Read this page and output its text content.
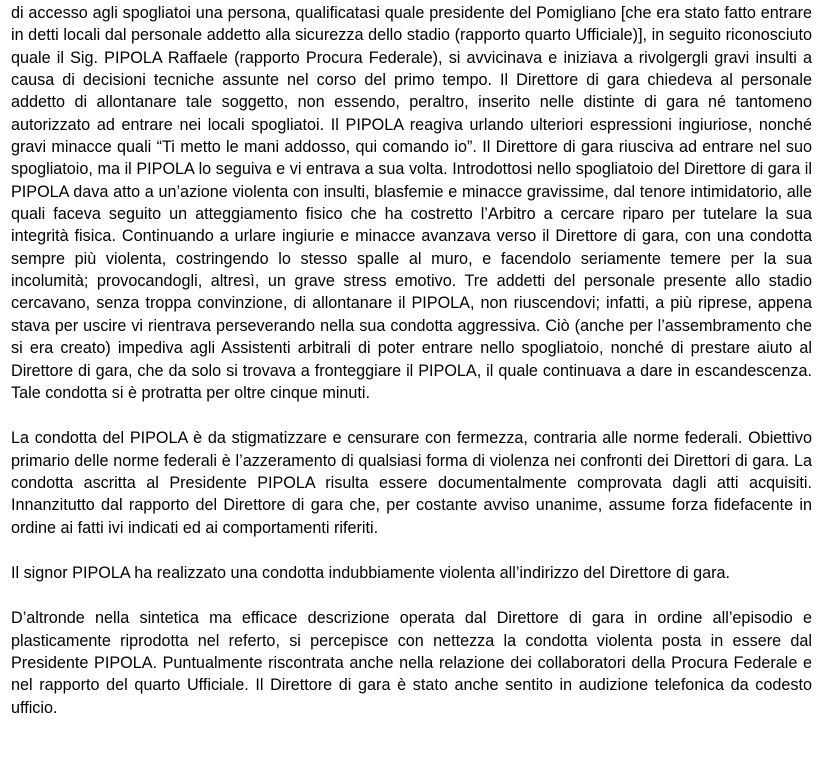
di accesso agli spogliatoi una persona, qualificatasi quale presidente del Pomigliano [che era stato fatto entrare in detti locali dal personale addetto alla sicurezza dello stadio (rapporto quarto Ufficiale)], in seguito riconosciuto quale il Sig. PIPOLA Raffaele (rapporto Procura Federale), si avvicinava e iniziava a rivolgergli gravi insulti a causa di decisioni tecniche assunte nel corso del primo tempo. Il Direttore di gara chiedeva al personale addetto di allontanare tale soggetto, non essendo, peraltro, inserito nelle distinte di gara né tantomeno autorizzato ad entrare nei locali spogliatoi. Il PIPOLA reagiva urlando ulteriori espressioni ingiuriose, nonché gravi minacce quali “Ti metto le mani addosso, qui comando io”. Il Direttore di gara riusciva ad entrare nel suo spogliatoio, ma il PIPOLA lo seguiva e vi entrava a sua volta. Introdottosi nello spogliatoio del Direttore di gara il PIPOLA dava atto a un’azione violenta con insulti, blasfemie e minacce gravissime, dal tenore intimidatorio, alle quali faceva seguito un atteggiamento fisico che ha costretto l’Arbitro a cercare riparo per tutelare la sua integrità fisica. Continuando a urlare ingiurie e minacce avanzava verso il Direttore di gara, con una condotta sempre più violenta, costringendo lo stesso spalle al muro, e facendolo seriamente temere per la sua incolumità; provocandogli, altresì, un grave stress emotivo. Tre addetti del personale presente allo stadio cercavano, senza troppa convinzione, di allontanare il PIPOLA, non riuscendovi; infatti, a più riprese, appena stava per uscire vi rientrava perseverando nella sua condotta aggressiva. Ciò (anche per l’assembramento che si era creato) impediva agli Assistenti arbitrali di poter entrare nello spogliatoio, nonché di prestare aiuto al Direttore di gara, che da solo si trovava a fronteggiare il PIPOLA, il quale continuava a dare in escandescenza. Tale condotta si è protratta per oltre cinque minuti.

La condotta del PIPOLA è da stigmatizzare e censurare con fermezza, contraria alle norme federali. Obiettivo primario delle norme federali è l’azzeramento di qualsiasi forma di violenza nei confronti dei Direttori di gara. La condotta ascritta al Presidente PIPOLA risulta essere documentalmente comprovata dagli atti acquisiti. Innanzitutto dal rapporto del Direttore di gara che, per costante avviso unanime, assume forza fidefacente in ordine ai fatti ivi indicati ed ai comportamenti riferiti.

Il signor PIPOLA ha realizzato una condotta indubbiamente violenta all’indirizzo del Direttore di gara.

D’altronde nella sintetica ma efficace descrizione operata dal Direttore di gara in ordine all’episodio e plasticamente riprodotta nel referto, si percepisce con nettezza la condotta violenta posta in essere dal Presidente PIPOLA. Puntualmente riscontrata anche nella relazione dei collaboratori della Procura Federale e nel rapporto del quarto Ufficiale. Il Direttore di gara è stato anche sentito in audizione telefonica da codesto ufficio.
